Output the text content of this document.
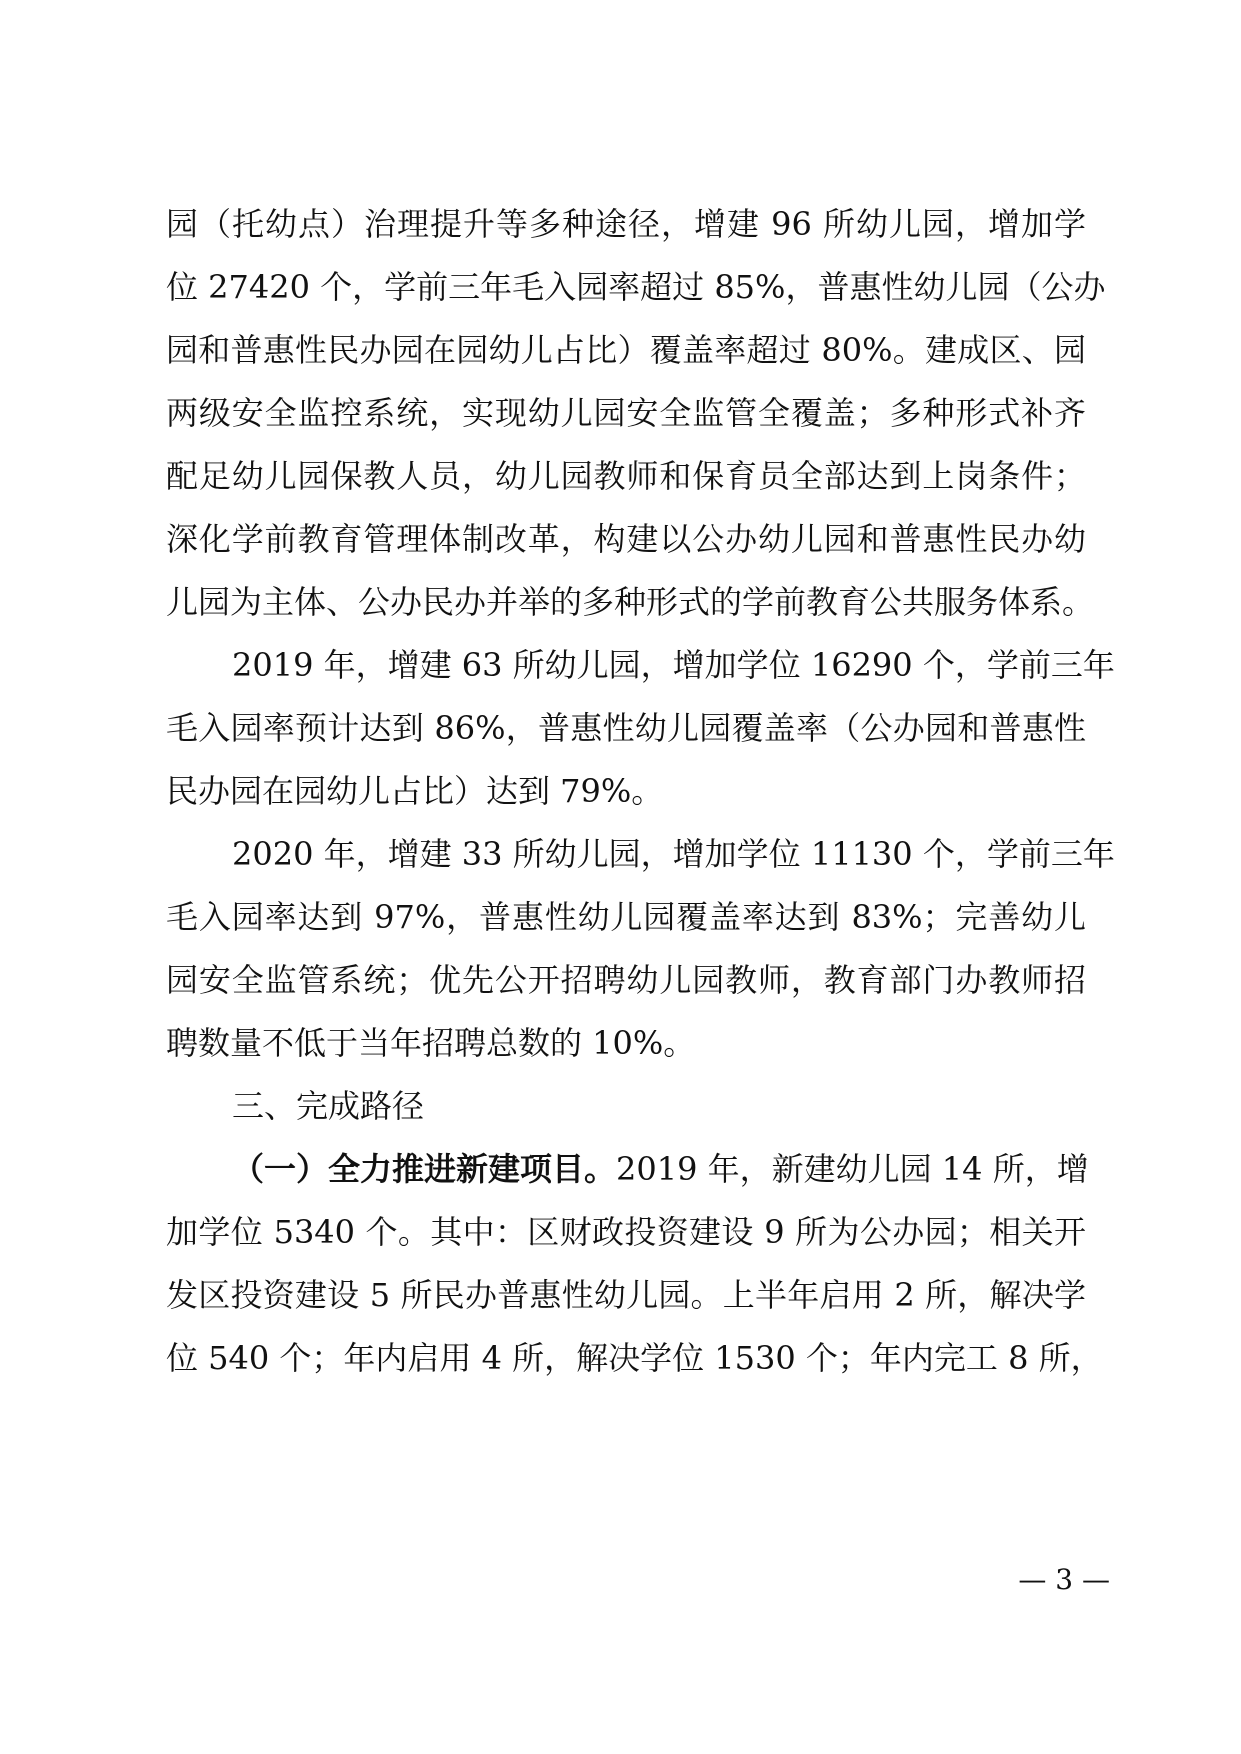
园（托幼点）治理提升等多种途径，增建 96 所幼儿园，增加学
位 27420 个，学前三年毛入园率超过 85%，普惠性幼儿园（公办
园和普惠性民办园在园幼儿占比）覆盖率超过 80%。建成区、园
两级安全监控系统，实现幼儿园安全监管全覆盖；多种形式补齐
配足幼儿园保教人员，幼儿园教师和保育员全部达到上岗条件；
深化学前教育管理体制改革，构建以公办幼儿园和普惠性民办幼
儿园为主体、公办民办并举的多种形式的学前教育公共服务体系。
2019 年，增建 63 所幼儿园，增加学位 16290 个，学前三年
毛入园率预计达到 86%，普惠性幼儿园覆盖率（公办园和普惠性
民办园在园幼儿占比）达到 79%。
2020 年，增建 33 所幼儿园，增加学位 11130 个，学前三年
毛入园率达到 97%，普惠性幼儿园覆盖率达到 83%；完善幼儿
园安全监管系统；优先公开招聘幼儿园教师，教育部门办教师招
聘数量不低于当年招聘总数的 10%。
三、完成路径
（一）全力推进新建项目。2019 年，新建幼儿园 14 所，增
加学位 5340 个。其中：区财政投资建设 9 所为公办园；相关开
发区投资建设 5 所民办普惠性幼儿园。上半年启用 2 所，解决学
位 540 个；年内启用 4 所，解决学位 1530 个；年内完工 8 所，
— 3 —
